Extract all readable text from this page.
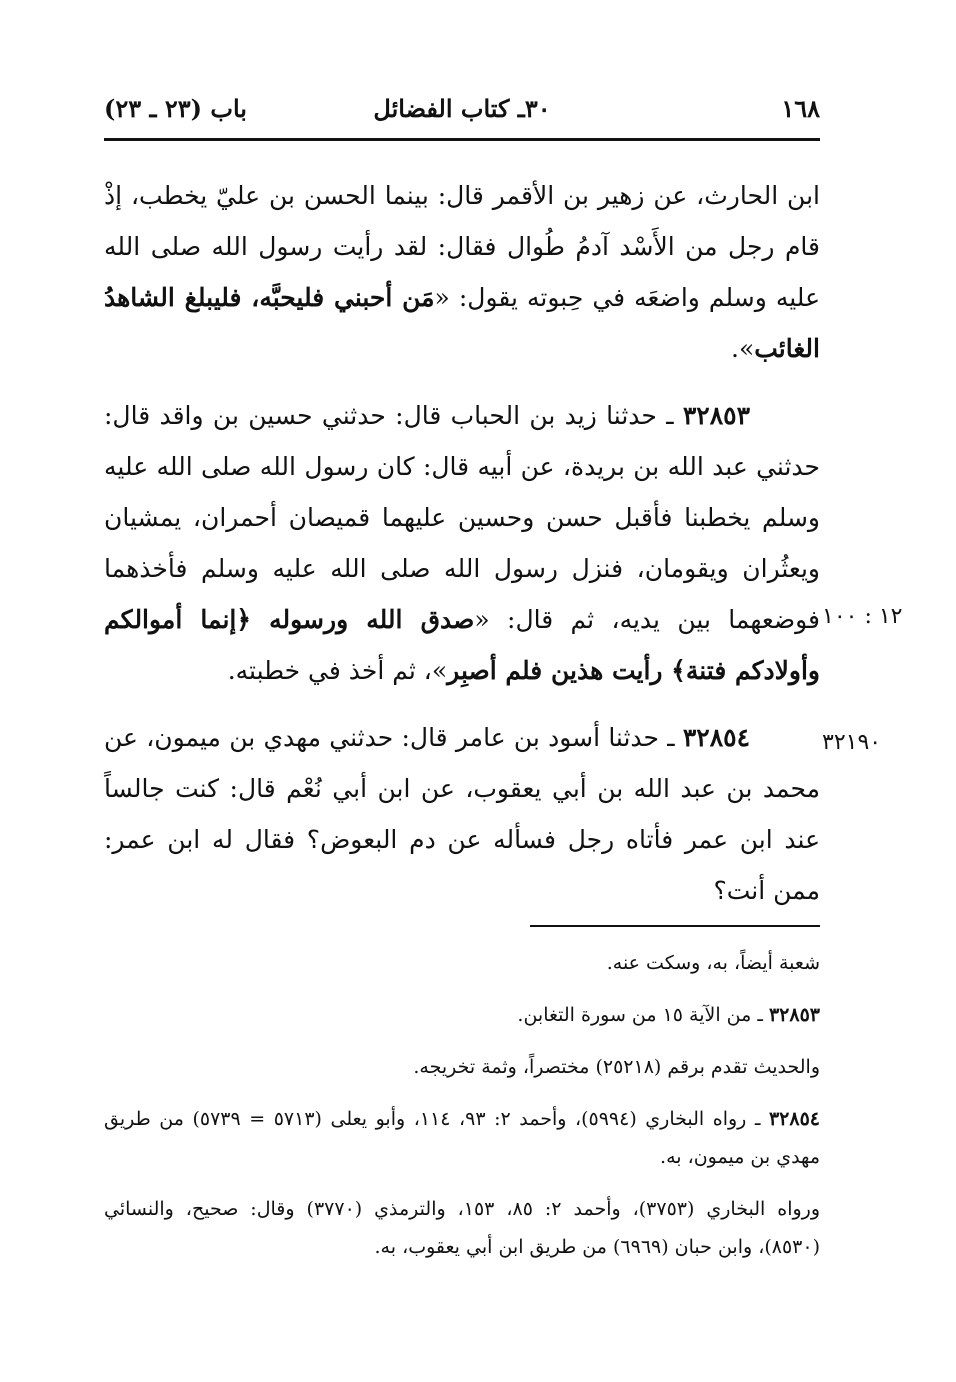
١٦٨
٣٠ـ كتاب الفضائل
باب (٢٣ ـ ٢٣)

ابن الحارث، عن زهير بن الأقمر قال: بينما الحسن بن عليّ يخطب، إذْ قام رجل من الأَسْد آدمُ طُوال فقال: لقد رأيت رسول الله صلى الله عليه وسلم واضعَه في حِبوته يقول: «مَن أحبني فليحبَّه، فليبلغ الشاهدُ الغائب».

٣٢٨٥٣ ـ حدثنا زيد بن الحباب قال: حدثني حسين بن واقد قال: حدثني عبد الله بن بريدة، عن أبيه قال: كان رسول الله صلى الله عليه وسلم يخطبنا فأقبل حسن وحسين عليهما قميصان أحمران، يمشيان ويعثُران ويقومان، فنزل رسول الله صلى الله عليه وسلم فأخذهما فوضعهما بين يديه، ثم قال: «صدق الله ورسوله ﴿إنما أموالكم وأولادكم فتنة﴾ رأيت هذين فلم أصبِر»، ثم أخذ في خطبته.

٣٢٨٥٤ ـ حدثنا أسود بن عامر قال: حدثني مهدي بن ميمون، عن محمد بن عبد الله بن أبي يعقوب، عن ابن أبي نُعْم قال: كنت جالساً عند ابن عمر فأتاه رجل فسأله عن دم البعوض؟ فقال له ابن عمر: ممن أنت؟

١٢ : ١٠٠
٣٢١٩٠

شعبة أيضاً، به، وسكت عنه.

٣٢٨٥٣ ـ من الآية ١٥ من سورة التغابن.

والحديث تقدم برقم (٢٥٢١٨) مختصراً، وثمة تخريجه.

٣٢٨٥٤ ـ رواه البخاري (٥٩٩٤)، وأحمد ٢: ٩٣، ١١٤، وأبو يعلى (٥٧١٣ = ٥٧٣٩) من طريق مهدي بن ميمون، به.

ورواه البخاري (٣٧٥٣)، وأحمد ٢: ٨٥، ١٥٣، والترمذي (٣٧٧٠) وقال: صحيح، والنسائي (٨٥٣٠)، وابن حبان (٦٩٦٩) من طريق ابن أبي يعقوب، به.
